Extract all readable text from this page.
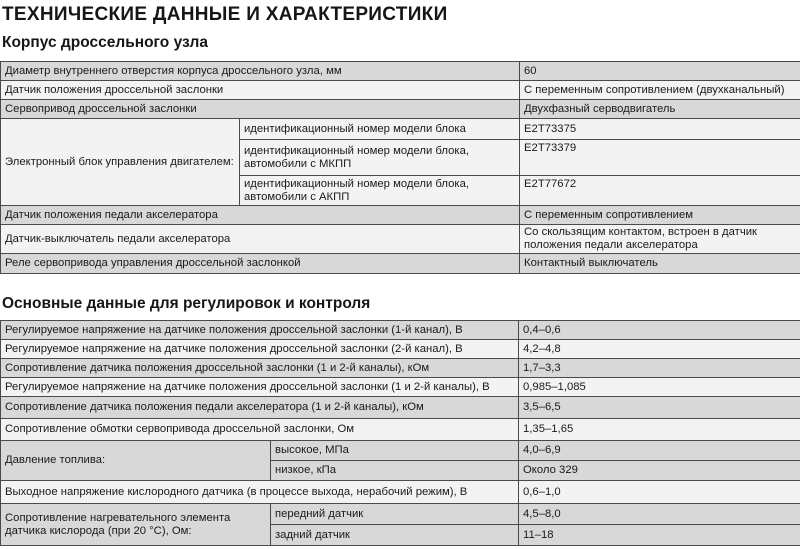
ТЕХНИЧЕСКИЕ ДАННЫЕ И ХАРАКТЕРИСТИКИ
Корпус дроссельного узла
Диаметр внутреннего отверстия корпуса дроссельного узла, мм		60
Датчик положения дроссельной заслонки		С переменным сопротивлением (двухканальный)
Сервопривод дроссельной заслонки		Двухфазный серводвигатель
Электронный блок управления двигателем:	идентификационный номер модели блока	E2T73375
	идентификационный номер модели блока, автомобили с МКПП	E2T73379
	идентификационный номер модели блока, автомобили с АКПП	E2T77672
Датчик положения педали акселератора		С переменным сопротивлением
Датчик-выключатель педали акселератора		Со скользящим контактом, встроен в датчик положения педали акселератора
Реле сервопривода управления дроссельной заслонкой		Контактный выключатель
Основные данные для регулировок и контроля
Регулируемое напряжение на датчике положения дроссельной заслонки (1-й канал), В		0,4–0,6
Регулируемое напряжение на датчике положения дроссельной заслонки (2-й канал), В		4,2–4,8
Сопротивление датчика положения дроссельной заслонки (1 и 2-й каналы), кОм		1,7–3,3
Регулируемое напряжение на датчике положения дроссельной заслонки (1 и 2-й каналы), В		0,985–1,085
Сопротивление датчика положения педали акселератора (1 и 2-й каналы), кОм		3,5–6,5
Сопротивление обмотки сервопривода дроссельной заслонки, Ом		1,35–1,65
Давление топлива:	высокое, МПа	4,0–6,9
	низкое, кПа	Около 329
Выходное напряжение кислородного датчика (в процессе выхода, нерабочий режим), В		0,6–1,0
Сопротивление нагревательного элемента датчика кислорода (при 20 °С), Ом:	передний датчик	4,5–8,0
	задний датчик	11–18
